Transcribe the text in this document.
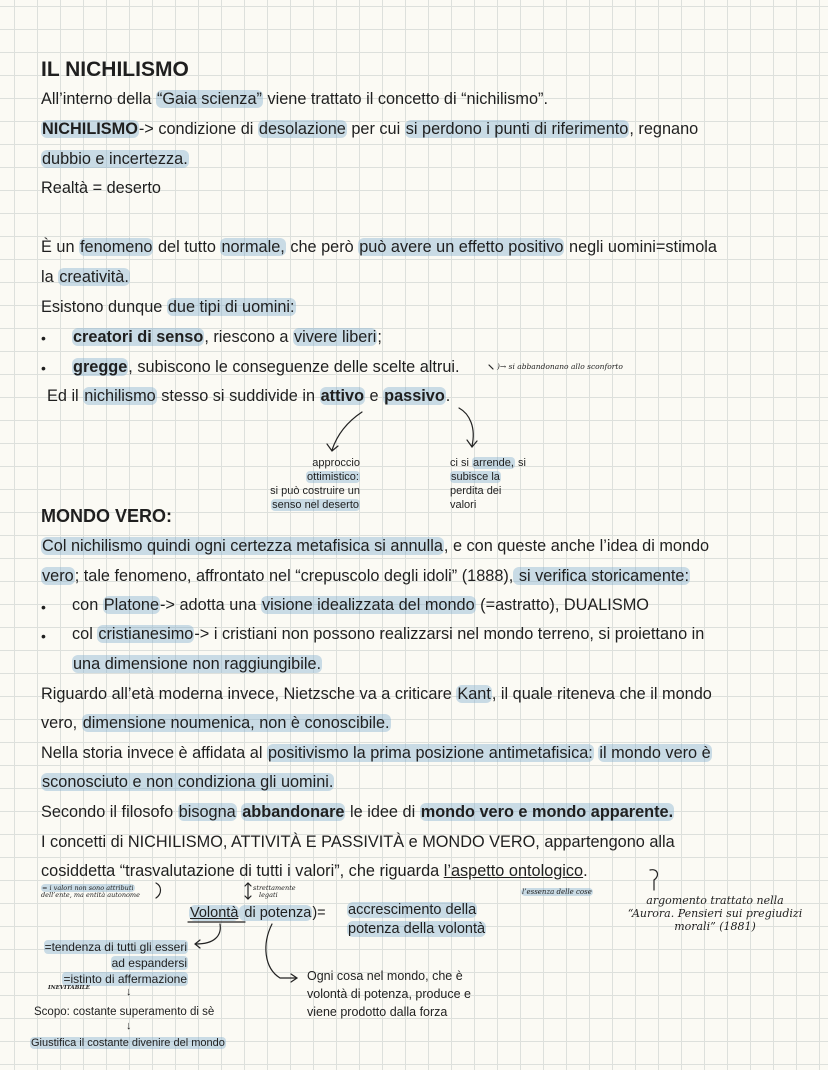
IL NICHILISMO
All’interno della “Gaia scienza” viene trattato il concetto di “nichilismo”.
NICHILISMO-> condizione di desolazione per cui si perdono i punti di riferimento, regnano
dubbio e incertezza.
Realtà = deserto
È un fenomeno del tutto normale, che però può avere un effetto positivo negli uomini=stimola
la creatività.
Esistono dunque due tipi di uomini:
• creatori di senso, riescono a vivere liberi;
• gregge, subiscono le conseguenze delle scelte altrui.	)→ si abbandonano allo sconforto
Ed il nichilismo stesso si suddivide in attivo e passivo.
approccio
ottimistico:
si può costruire un
senso nel deserto
ci si arrende, si
subisce la
perdita dei
valori
MONDO VERO:
Col nichilismo quindi ogni certezza metafisica si annulla, e con queste anche l’idea di mondo
vero; tale fenomeno, affrontato nel “crepuscolo degli idoli” (1888), si verifica storicamente:
• con Platone-> adotta una visione idealizzata del mondo (=astratto), DUALISMO
• col cristianesimo-> i cristiani non possono realizzarsi nel mondo terreno, si proiettano in
una dimensione non raggiungibile.
Riguardo all’età moderna invece, Nietzsche va a criticare Kant, il quale riteneva che il mondo
vero, dimensione noumenica, non è conoscibile.
Nella storia invece è affidata al positivismo la prima posizione antimetafisica: il mondo vero è
sconosciuto e non condiziona gli uomini.
Secondo il filosofo bisogna abbandonare le idee di mondo vero e mondo apparente.
I concetti di NICHILISMO, ATTIVITÀ E PASSIVITÀ e MONDO VERO, appartengono alla
cosiddetta “trasvalutazione di tutti i valori”, che riguarda l’aspetto ontologico.
l’essenza delle cose
argomento trattato nella
“Aurora. Pensieri sui pregiudizi
morali” (1881)
= i valori non sono attributi
dell’ente, ma entità autonome
strettamente
legati
Volontà di potenza)= accrescimento della
potenza della volontà
=tendenza di tutti gli esseri
ad espandersi
=istinto di affermazione
INEVITABILE	↓
Scopo: costante superamento di sè
↓
Giustifica il costante divenire del mondo
Ogni cosa nel mondo, che è
volontà di potenza, produce e
viene prodotto dalla forza
